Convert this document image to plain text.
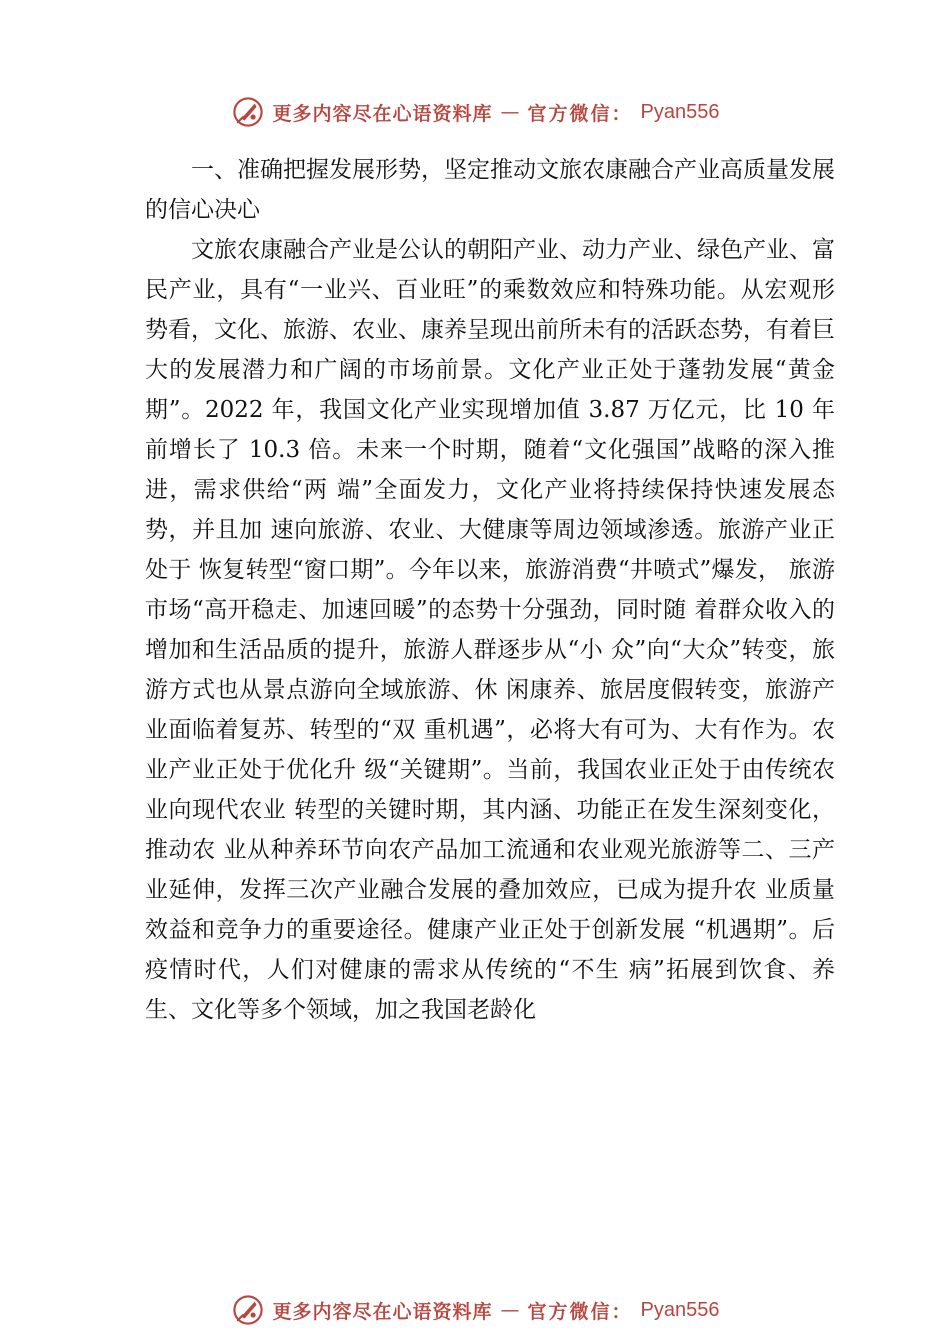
更多内容尽在心语资料库 — 官方微信： Pyan556

一、准确把握发展形势，坚定推动文旅农康融合产业高质量发展的信心决心

文旅农康融合产业是公认的朝阳产业、动力产业、绿色产业、富民产业，具有“一业兴、百业旺”的乘数效应和特殊功能。从宏观形势看，文化、旅游、农业、康养呈现出前所未有的活跃态势，有着巨大的发展潜力和广阔的市场前景。文化产业正处于蓬勃发展“黄金期”。2022 年，我国文化产业实现增加值 3.87 万亿元，比 10 年前增长了 10.3 倍。未来一个时期，随着“文化强国”战略的深入推进，需求供给“两 端”全面发力，文化产业将持续保持快速发展态势，并且加 速向旅游、农业、大健康等周边领域渗透。旅游产业正处于 恢复转型“窗口期”。今年以来，旅游消费“井喷式”爆发， 旅游市场“高开稳走、加速回暖”的态势十分强劲，同时随 着群众收入的增加和生活品质的提升，旅游人群逐步从“小 众”向“大众”转变，旅游方式也从景点游向全域旅游、休 闲康养、旅居度假转变，旅游产业面临着复苏、转型的“双 重机遇”，必将大有可为、大有作为。农业产业正处于优化升 级“关键期”。当前，我国农业正处于由传统农业向现代农业 转型的关键时期，其内涵、功能正在发生深刻变化，推动农 业从种养环节向农产品加工流通和农业观光旅游等二、三产 业延伸，发挥三次产业融合发展的叠加效应，已成为提升农 业质量效益和竞争力的重要途径。健康产业正处于创新发展 “机遇期”。后疫情时代，人们对健康的需求从传统的“不生 病”拓展到饮食、养生、文化等多个领域，加之我国老龄化

更多内容尽在心语资料库 — 官方微信： Pyan556
